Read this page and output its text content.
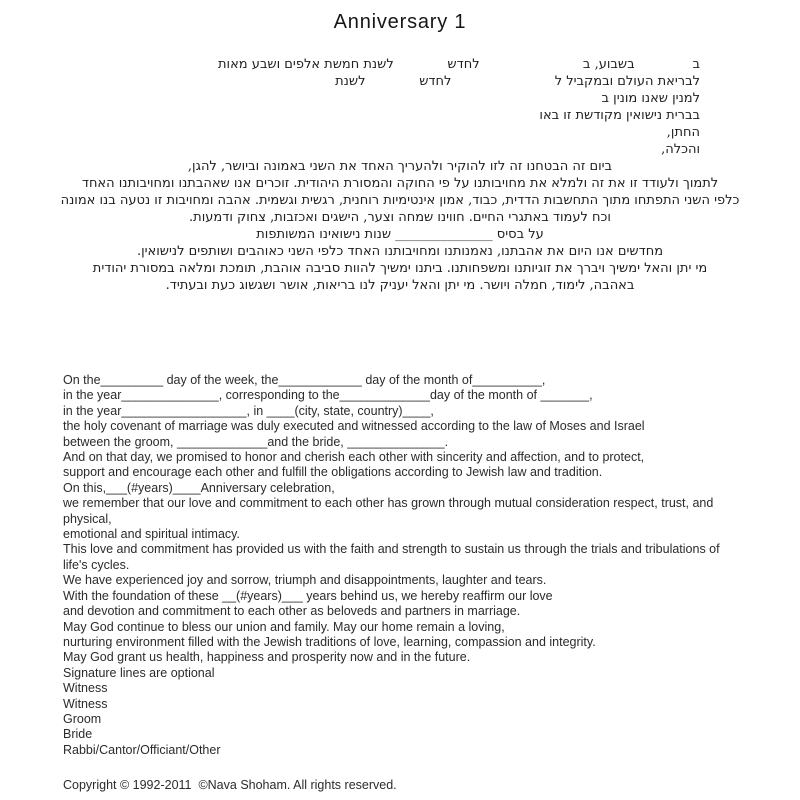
Anniversary 1
ב              בשבוע, ב                         לחדש             לשנת חמשת אלפים ושבע מאות
לבריאת העולם ובמקביל ל                         לחדש             לשנת
למנין שאנו מונין ב
בברית נישואין מקודשת זו באו
החתן,
והכלה,
ביום זה הבטחנו זה לזו להוקיר ולהעריך האחד את השני באמונה וביושר, להגן,
לתמוך ולעודד זו את זה ולמלא את מחויבותנו על פי החוקה והמסורת היהודית. זוכרים אנו שאהבתנו ומחויבותנו האחד
כלפי השני התפתחו מתוך התחשבות הדדית, כבוד, אמון אינטימיות רוחנית, רגשית וגשמית. אהבה ומחויבות זו נטעה בנו אמונה
וכח לעמוד באתגרי החיים. חווינו שמחה וצער, הישגים ואכזבות, צחוק ודמעות.
על בסיס _______________ שנות נישואינו המשותפות
מחדשים אנו היום את אהבתנו, נאמנותנו ומחויבותנו האחד כלפי השני כאוהבים ושותפים לנישואין.
מי יתן והאל ימשיך ויברך את זוגיותנו ומשפחותנו. ביתנו ימשיך להוות סביבה אוהבת, תומכת ומלאה במסורת יהודית
באהבה, לימוד, חמלה ויושר. מי יתן והאל יעניק לנו בריאות, אושר ושגשוג כעת ובעתיד.
On the_________ day of the week, the____________ day of the month of__________,
in the year______________, corresponding to the_____________day of the month of _______,
in the year__________________, in ____(city, state, country)____,
the holy covenant of marriage was duly executed and witnessed according to the law of Moses and Israel
between the groom, _____________and the bride, ______________.
And on that day, we promised to honor and cherish each other with sincerity and affection, and to protect,
support and encourage each other and fulfill the obligations according to Jewish law and tradition.
On this,___(#years)____Anniversary celebration,
we remember that our love and commitment to each other has grown through mutual consideration respect, trust, and
physical,
emotional and spiritual intimacy.
This love and commitment has provided us with the faith and strength to sustain us through the trials and tribulations of
life's cycles.
We have experienced joy and sorrow, triumph and disappointments, laughter and tears.
With the foundation of these __(#years)___ years behind us, we hereby reaffirm our love
and devotion and commitment to each other as beloveds and partners in marriage.
May God continue to bless our union and family. May our home remain a loving,
nurturing environment filled with the Jewish traditions of love, learning, compassion and integrity.
May God grant us health, happiness and prosperity now and in the future.
Signature lines are optional
Witness
Witness
Groom
Bride
Rabbi/Cantor/Officiant/Other
Copyright © 1992-2011  ©Nava Shoham. All rights reserved.
